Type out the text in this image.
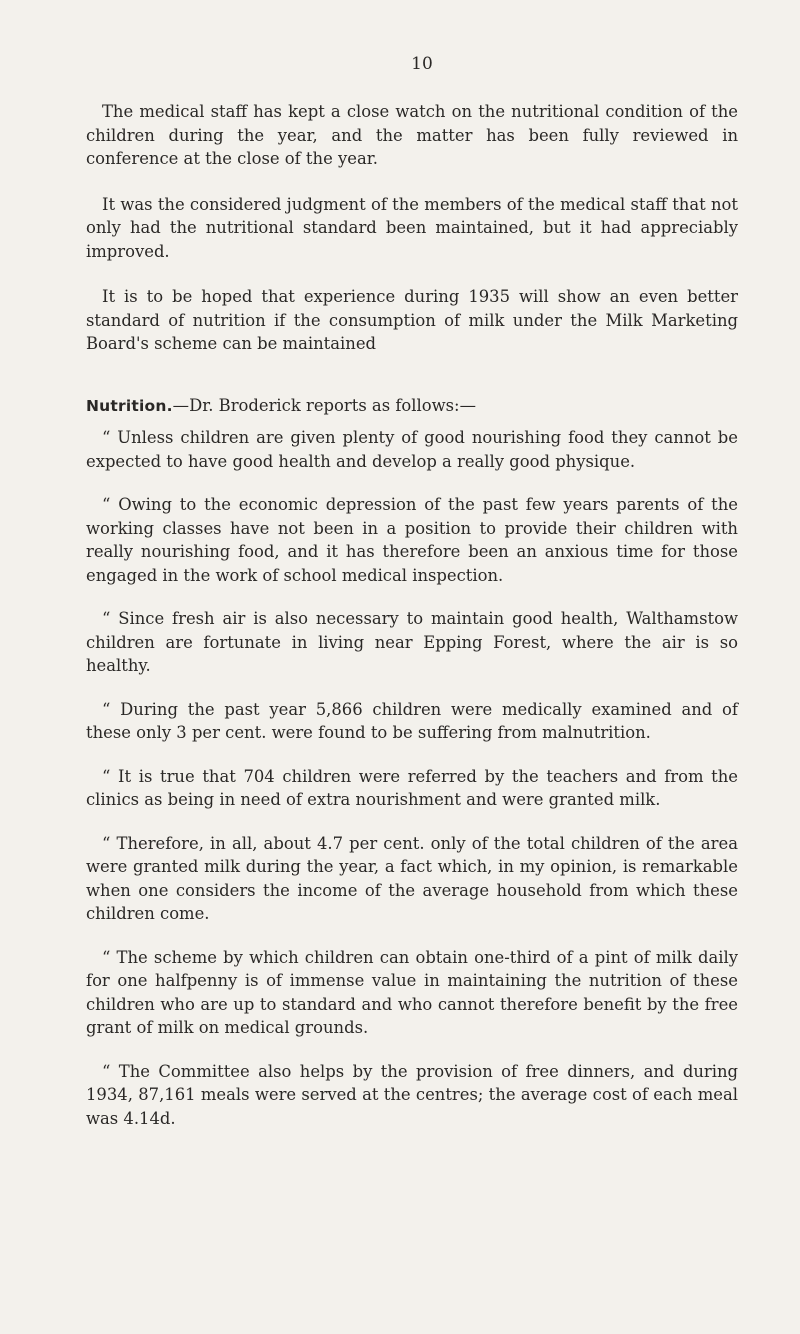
10

The medical staff has kept a close watch on the nutritional condition of the children during the year, and the matter has been fully reviewed in conference at the close of the year.

It was the considered judgment of the members of the medical staff that not only had the nutritional standard been maintained, but it had appreciably improved.

It is to be hoped that experience during 1935 will show an even better standard of nutrition if the consumption of milk under the Milk Marketing Board's scheme can be maintained

Nutrition.—Dr. Broderick reports as follows:—

“ Unless children are given plenty of good nourishing food they cannot be expected to have good health and develop a really good physique.

“ Owing to the economic depression of the past few years parents of the working classes have not been in a position to provide their children with really nourishing food, and it has therefore been an anxious time for those engaged in the work of school medical inspection.

“ Since fresh air is also necessary to maintain good health, Walthamstow children are fortunate in living near Epping Forest, where the air is so healthy.

“ During the past year 5,866 children were medically examined and of these only 3 per cent. were found to be suffering from malnutrition.

“ It is true that 704 children were referred by the teachers and from the clinics as being in need of extra nourishment and were granted milk.

“ Therefore, in all, about 4.7 per cent. only of the total children of the area were granted milk during the year, a fact which, in my opinion, is remarkable when one considers the income of the average household from which these children come.

“ The scheme by which children can obtain one-third of a pint of milk daily for one halfpenny is of immense value in maintaining the nutrition of these children who are up to standard and who cannot therefore benefit by the free grant of milk on medical grounds.

“ The Committee also helps by the provision of free dinners, and during 1934, 87,161 meals were served at the centres; the average cost of each meal was 4.14d.
